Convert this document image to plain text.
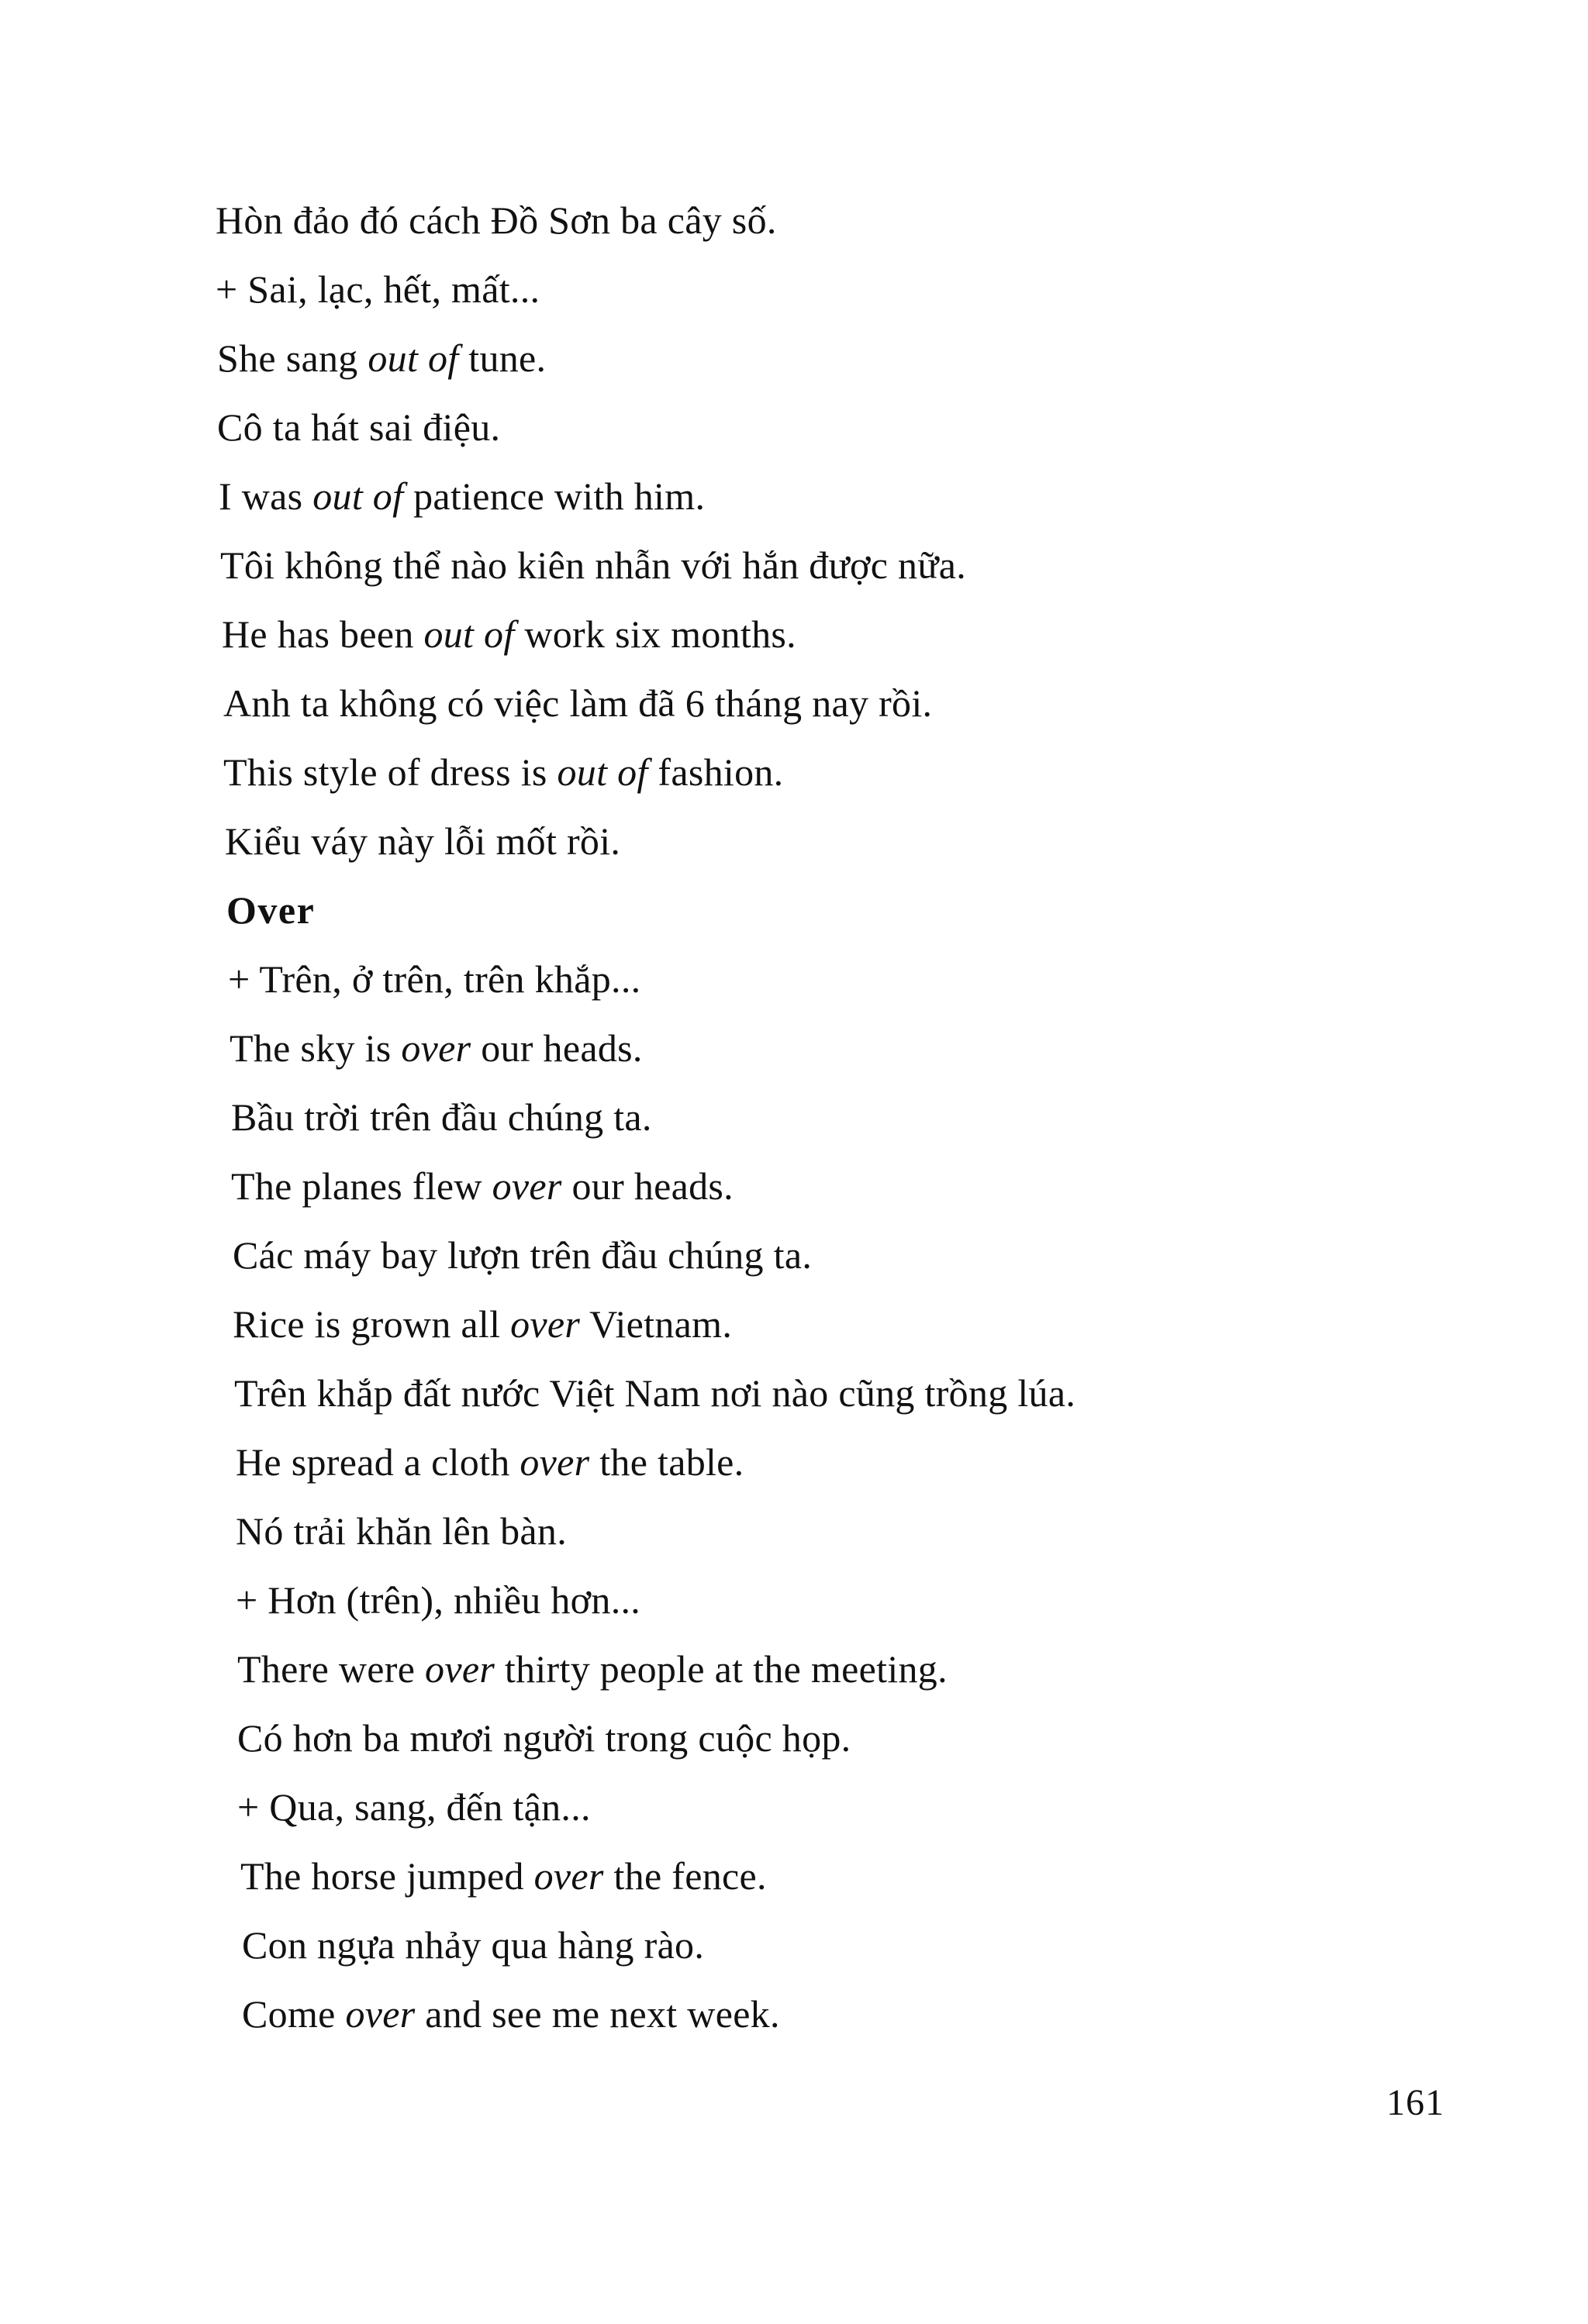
Hòn đảo đó cách Đồ Sơn ba cây số.
+ Sai, lạc, hết, mất...
She sang out of tune.
Cô ta hát sai điệu.
I was out of patience with him.
Tôi không thể nào kiên nhẫn với hắn được nữa.
He has been out of work six months.
Anh ta không có việc làm đã 6 tháng nay rồi.
This style of dress is out of fashion.
Kiểu váy này lỗi mốt rồi.
Over
+ Trên, ở trên, trên khắp...
The sky is over our heads.
Bầu trời trên đầu chúng ta.
The planes flew over our heads.
Các máy bay lượn trên đầu chúng ta.
Rice is grown all over Vietnam.
Trên khắp đất nước Việt Nam nơi nào cũng trồng lúa.
He spread a cloth over the table.
Nó trải khăn lên bàn.
+ Hơn (trên), nhiều hơn...
There were over thirty people at the meeting.
Có hơn ba mươi người trong cuộc họp.
+ Qua, sang, đến tận...
The horse jumped over the fence.
Con ngựa nhảy qua hàng rào.
Come over and see me next week.
161
